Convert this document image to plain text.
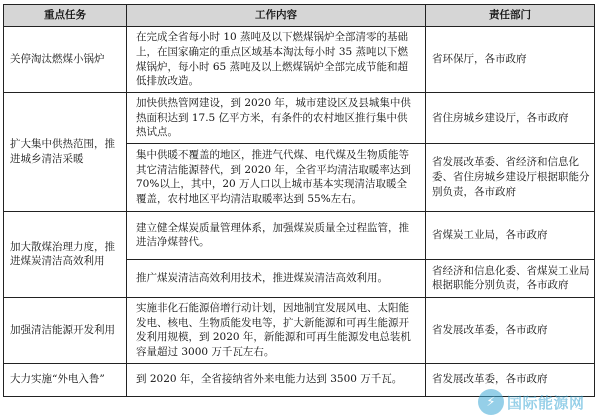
重点任务	工作内容	责任部门
关停淘汰燃煤小锅炉	在完成全省每小时 10 蒸吨及以下燃煤锅炉全部清零的基础上，在国家确定的重点区域基本淘汰每小时 35 蒸吨以下燃煤锅炉，每小时 65 蒸吨及以上燃煤锅炉全部完成节能和超低排放改造。	省环保厅，各市政府
扩大集中供热范围，推进城乡清洁采暖	加快供热管网建设，到 2020 年，城市建设区及县城集中供热面积达到 17.5 亿平方米，有条件的农村地区推行集中供热试点。	省住房城乡建设厅，各市政府
	集中供暖不覆盖的地区，推进气代煤、电代煤及生物质能等其它清洁能源替代，到 2020 年，全省平均清洁取暖率达到 70%以上，其中，20 万人口以上城市基本实现清洁取暖全覆盖，农村地区平均清洁取暖率达到 55%左右。	省发展改革委、省经济和信息化委、省住房城乡建设厅根据职能分别负责，各市政府
加大散煤治理力度，推进煤炭清洁高效利用	建立健全煤炭质量管理体系，加强煤炭质量全过程监管，推进洁净煤替代。	省煤炭工业局，各市政府
	推广煤炭清洁高效利用技术，推进煤炭清洁高效利用。	省经济和信息化委、省煤炭工业局根据职能分别负责，各市政府
加强清洁能源开发利用	实施非化石能源倍增行动计划，因地制宜发展风电、太阳能发电、核电、生物质能发电等，扩大新能源和可再生能源开发利用规模，到 2020 年，新能源和可再生能源发电总装机容量超过 3000 万千瓦左右。	省发展改革委，各市政府
大力实施“外电入鲁”	到 2020 年，全省接纳省外来电能力达到 3500 万千瓦。	省发展改革委，各市政府
⚡ 国际能源网
